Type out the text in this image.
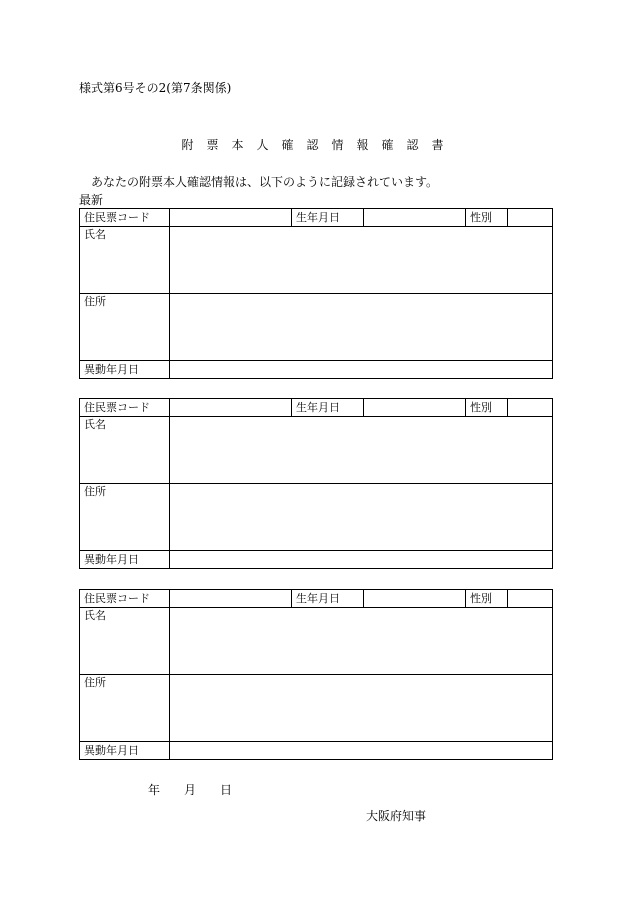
様式第6号その2(第7条関係)
附票本人確認情報確認書
あなたの附票本人確認情報は、以下のように記録されています。
最新
住民票コード		生年月日		性別	
氏名					
住所					
異動年月日					
住民票コード		生年月日		性別	
氏名					
住所					
異動年月日					
住民票コード		生年月日		性別	
氏名					
住所					
異動年月日					
年 月 日
大阪府知事
